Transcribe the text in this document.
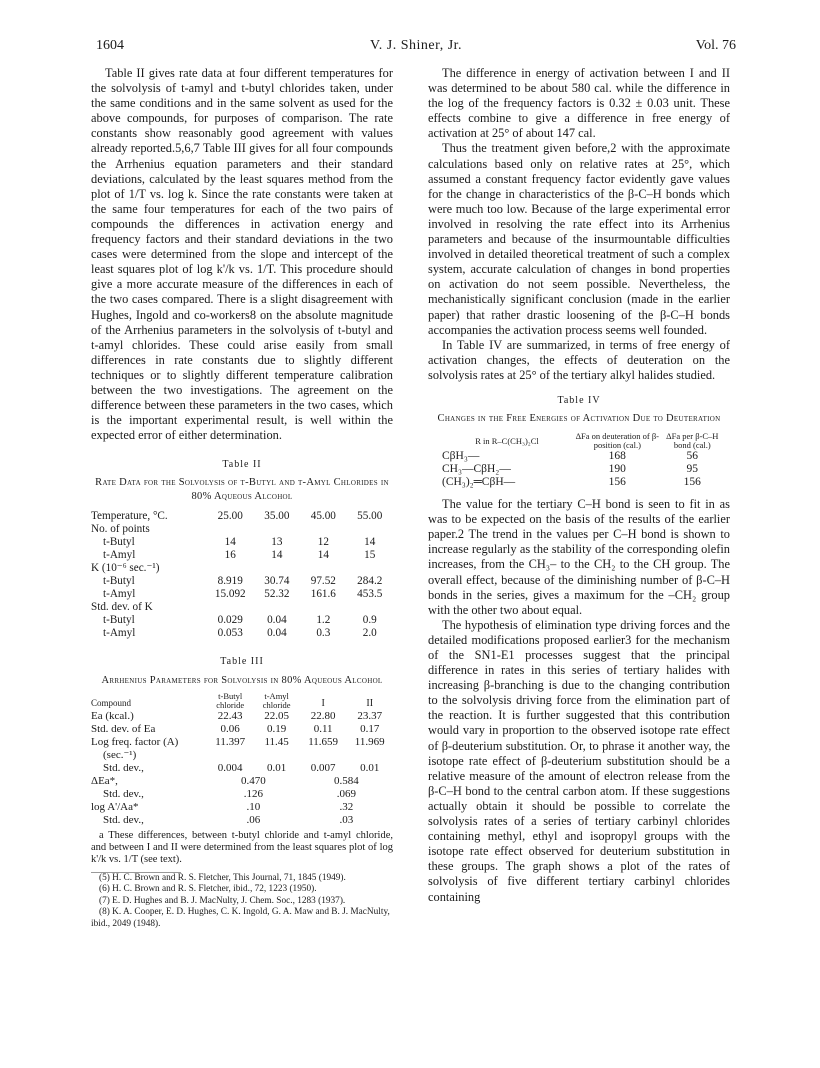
1604	V. J. Shiner, Jr.	Vol. 76

Table II gives rate data at four different temperatures for the solvolysis of t-amyl and t-butyl chlorides taken, under the same conditions and in the same solvent as used for the above compounds, for purposes of comparison. The rate constants show reasonably good agreement with values already reported.5,6,7 Table III gives for all four compounds the Arrhenius equation parameters and their standard deviations, calculated by the least squares method from the plot of 1/T vs. log k. Since the rate constants were taken at the same four temperatures for each of the two pairs of compounds the differences in activation energy and frequency factors and their standard deviations in the two cases were determined from the slope and intercept of the least squares plot of log k'/k vs. 1/T. This procedure should give a more accurate measure of the differences in each of the two cases compared. There is a slight disagreement with Hughes, Ingold and co-workers8 on the absolute magnitude of the Arrhenius parameters in the solvolysis of t-butyl and t-amyl chlorides. These could arise easily from small differences in rate constants due to slightly different techniques or to slightly different temperature calibration between the two investigations. The agreement on the difference between these parameters in the two cases, which is the important experimental result, is well within the expected error of either determination.

Table II
Rate Data for the Solvolysis of t-Butyl and t-Amyl Chlorides in 80% Aqueous Alcohol
Temperature, °C.	25.00	35.00	45.00	55.00
No. of points				
t-Butyl	14	13	12	14
t-Amyl	16	14	14	15
K (10⁻⁶ sec.⁻¹)				
t-Butyl	8.919	30.74	97.52	284.2
t-Amyl	15.092	52.32	161.6	453.5
Std. dev. of K				
t-Butyl	0.029	0.04	1.2	0.9
t-Amyl	0.053	0.04	0.3	2.0
Table III
Arrhenius Parameters for Solvolysis in 80% Aqueous Alcohol
Compound	t-Butyl chloride	t-Amyl chloride	I	II
Ea (kcal.)	22.43	22.05	22.80	23.37
Std. dev. of Ea	0.06	0.19	0.11	0.17
Log freq. factor (A)	11.397	11.45	11.659	11.969
(sec.⁻¹)				
Std. dev.,	0.004	0.01	0.007	0.01
ΔEa*,	0.470		0.584	
Std. dev.,	.126		.069	
log A'/Aa*	.10		.32	
Std. dev.,	.06		.03	
a These differences, between t-butyl chloride and t-amyl chloride, and between I and II were determined from the least squares plot of log k'/k vs. 1/T (see text).

(5) H. C. Brown and R. S. Fletcher, This Journal, 71, 1845 (1949).

(6) H. C. Brown and R. S. Fletcher, ibid., 72, 1223 (1950).

(7) E. D. Hughes and B. J. MacNulty, J. Chem. Soc., 1283 (1937).

(8) K. A. Cooper, E. D. Hughes, C. K. Ingold, G. A. Maw and B. J. MacNulty, ibid., 2049 (1948).

The difference in energy of activation between I and II was determined to be about 580 cal. while the difference in the log of the frequency factors is 0.32 ± 0.03 unit. These effects combine to give a difference in free energy of activation at 25° of about 147 cal.

Thus the treatment given before,2 with the approximate calculations based only on relative rates at 25°, which assumed a constant frequency factor evidently gave values for the change in characteristics of the β-C–H bonds which were much too low. Because of the large experimental error involved in resolving the rate effect into its Arrhenius parameters and because of the insurmountable difficulties involved in detailed theoretical treatment of such a complex system, accurate calculation of changes in bond properties on activation do not seem possible. Nevertheless, the mechanistically significant conclusion (made in the earlier paper) that rather drastic loosening of the β-C–H bonds accompanies the activation process seems well founded.

In Table IV are summarized, in terms of free energy of activation changes, the effects of deuteration on the solvolysis rates at 25° of the tertiary alkyl halides studied.

Table IV
Changes in the Free Energies of Activation Due to Deuteration
R in R–C(CH₃)₂Cl	ΔFa on deuteration of β-position (cal.)	ΔFa per β-C–H bond (cal.)
CβH₃—	168	56
CH₃—CβH₂—	190	95
(CH₃)₂═CβH—	156	156

The value for the tertiary C–H bond is seen to fit in as was to be expected on the basis of the results of the earlier paper.2 The trend in the values per C–H bond is shown to increase regularly as the stability of the corresponding olefin increases, from the CH₃– to the CH₂ to the CH group. The overall effect, because of the diminishing number of β-C–H bonds in the series, gives a maximum for the –CH₂ group with the other two about equal.

The hypothesis of elimination type driving forces and the detailed modifications proposed earlier3 for the mechanism of the SN1-E1 processes suggest that the principal difference in rates in this series of tertiary halides with increasing β-branching is due to the changing contribution to the solvolysis driving force from the elimination part of the reaction. It is further suggested that this contribution would vary in proportion to the observed isotope rate effect of β-deuterium substitution. Or, to phrase it another way, the isotope rate effect of β-deuterium substitution should be a relative measure of the amount of electron release from the β-C–H bond to the central carbon atom. If these suggestions actually obtain it should be possible to correlate the solvolysis rates of a series of tertiary carbinyl chlorides containing methyl, ethyl and isopropyl groups with the isotope rate effect observed for deuterium substitution in these groups. The graph shows a plot of the rates of solvolysis of five different tertiary carbinyl chlorides containing
